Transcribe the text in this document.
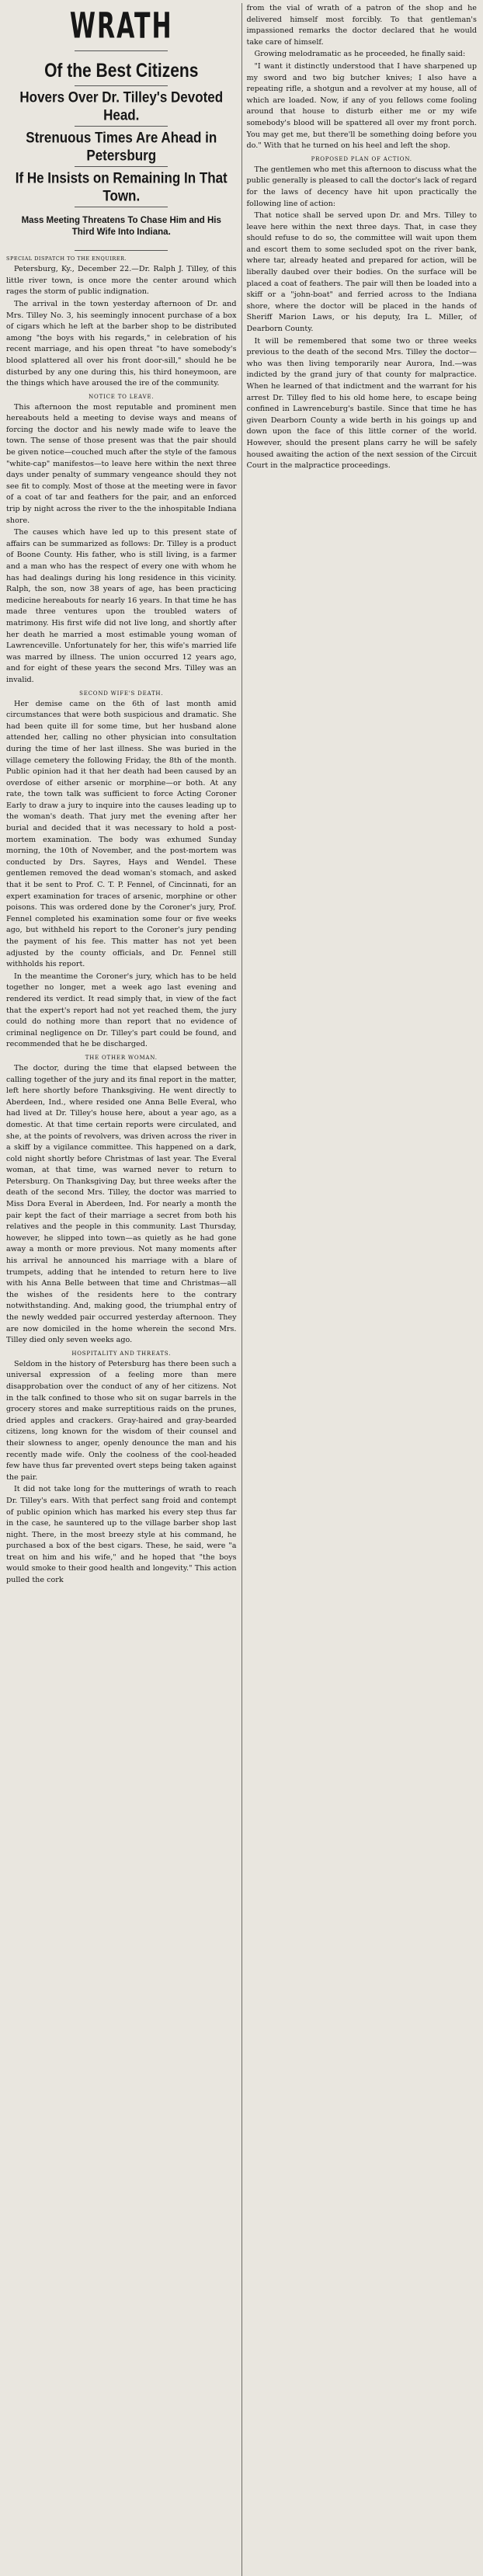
WRATH
Of the Best Citizens
Hovers Over Dr. Tilley's Devoted Head.
Strenuous Times Are Ahead in Petersburg
If He Insists on Remaining In That Town.
Mass Meeting Threatens To Chase Him and His Third Wife Into Indiana.
SPECIAL DISPATCH TO THE ENQUIRER.

Petersburg, Ky., December 22.—Dr. Ralph J. Tilley, of this little river town, is once more the center around which rages the storm of public indignation.

The arrival in the town yesterday afternoon of Dr. and Mrs. Tilley No. 3, his seemingly innocent purchase of a box of cigars which he left at the barber shop to be distributed among "the boys with his regards," in celebration of his recent marriage, and his open threat "to have somebody's blood splattered all over his front door-sill," should he be disturbed by any one during this, his third honeymoon, are the things which have aroused the ire of the community.

NOTICE TO LEAVE.

This afternoon the most reputable and prominent men hereabouts held a meeting to devise ways and means of forcing the doctor and his newly made wife to leave the town. The sense of those present was that the pair should be given notice—couched much after the style of the famous "white-cap" manifestos—to leave here within the next three days under penalty of summary vengeance should they not see fit to comply. Most of those at the meeting were in favor of a coat of tar and feathers for the pair, and an enforced trip by night across the river to the the inhospitable Indiana shore.

The causes which have led up to this present state of affairs can be summarized as follows: Dr. Tilley is a product of Boone County. His father, who is still living, is a farmer and a man who has the respect of every one with whom he has had dealings during his long residence in this vicinity. Ralph, the son, now 38 years of age, has been practicing medicine hereabouts for nearly 16 years. In that time he has made three ventures upon the troubled waters of matrimony. His first wife did not live long, and shortly after her death he married a most estimable young woman of Lawrenceville. Unfortunately for her, this wife's married life was marred by illness. The union occurred 12 years ago, and for eight of these years the second Mrs. Tilley was an invalid.

SECOND WIFE'S DEATH.

Her demise came on the 6th of last month amid circumstances that were both suspicious and dramatic. She had been quite ill for some time, but her husband alone attended her, calling no other physician into consultation during the time of her last illness. She was buried in the village cemetery the following Friday, the 8th of the month. Public opinion had it that her death had been caused by an overdose of either arsenic or morphine—or both. At any rate, the town talk was sufficient to force Acting Coroner Early to draw a jury to inquire into the causes leading up to the woman's death. That jury met the evening after her burial and decided that it was necessary to hold a post-mortem examination. The body was exhumed Sunday morning, the 10th of November, and the post-mortem was conducted by Drs. Sayres, Hays and Wendel. These gentlemen removed the dead woman's stomach, and asked that it be sent to Prof. C. T. P. Fennel, of Cincinnati, for an expert examination for traces of arsenic, morphine or other poisons. This was ordered done by the Coroner's jury, Prof. Fennel completed his examination some four or five weeks ago, but withheld his report to the Coroner's jury pending the payment of his fee. This matter has not yet been adjusted by the county officials, and Dr. Fennel still withholds his report.

In the meantime the Coroner's jury, which has to be held together no longer, met a week ago last evening and rendered its verdict. It read simply that, in view of the fact that the expert's report had not yet reached them, the jury could do nothing more than report that no evidence of criminal negligence on Dr. Tilley's part could be found, and recommended that he be discharged.

THE OTHER WOMAN.

The doctor, during the time that elapsed between the calling together of the jury and its final report in the matter, left here shortly before Thanksgiving. He went directly to Aberdeen, Ind., where resided one Anna Belle Everal, who had lived at Dr. Tilley's house here, about a year ago, as a domestic. At that time certain reports were circulated, and she, at the points of revolvers, was driven across the river in a skiff by a vigilance committee. This happened on a dark, cold night shortly before Christmas of last year. The Everal woman, at that time, was warned never to return to Petersburg. On Thanksgiving Day, but three weeks after the death of the second Mrs. Tilley, the doctor was married to Miss Dora Everal in Aberdeen, Ind. For nearly a month the pair kept the fact of their marriage a secret from both his relatives and the people in this community. Last Thursday, however, he slipped into town—as quietly as he had gone away a month or more previous. Not many moments after his arrival he announced his marriage with a blare of trumpets, adding that he intended to return here to live with his Anna Belle between that time and Christmas—all the wishes of the residents here to the contrary notwithstanding. And, making good, the triumphal entry of the newly wedded pair occurred yesterday afternoon. They are now domiciled in the home wherein the second Mrs. Tilley died only seven weeks ago.

HOSPITALITY AND THREATS.

Seldom in the history of Petersburg has there been such a universal expression of a feeling more than mere disapprobation over the conduct of any of her citizens. Not in the talk confined to those who sit on sugar barrels in the grocery stores and make surreptitious raids on the prunes, dried apples and crackers. Gray-haired and gray-bearded citizens, long known for the wisdom of their counsel and their slowness to anger, openly denounce the man and his recently made wife. Only the coolness of the cool-headed few have thus far prevented overt steps being taken against the pair.

It did not take long for the mutterings of wrath to reach Dr. Tilley's ears. With that perfect sang froid and contempt of public opinion which has marked his every step thus far in the case, he sauntered up to the village barber shop last night. There, in the most breezy style at his command, he purchased a box of the best cigars. These, he said, were "a treat on him and his wife," and he hoped that "the boys would smoke to their good health and longevity." This action pulled the cork

from the vial of wrath of a patron of the shop and he delivered himself most forcibly. To that gentleman's impassioned remarks the doctor declared that he would take care of himself.

Growing melodramatic as he proceeded, he finally said:

"I want it distinctly understood that I have sharpened up my sword and two big butcher knives; I also have a repeating rifle, a shotgun and a revolver at my house, all of which are loaded. Now, if any of you fellows come fooling around that house to disturb either me or my wife somebody's blood will be spattered all over my front porch. You may get me, but there'll be something doing before you do." With that he turned on his heel and left the shop.

PROPOSED PLAN OF ACTION.

The gentlemen who met this afternoon to discuss what the public generally is pleased to call the doctor's lack of regard for the laws of decency have hit upon practically the following line of action:

That notice shall be served upon Dr. and Mrs. Tilley to leave here within the next three days. That, in case they should refuse to do so, the committee will wait upon them and escort them to some secluded spot on the river bank, where tar, already heated and prepared for action, will be liberally daubed over their bodies. On the surface will be placed a coat of feathers. The pair will then be loaded into a skiff or a "john-boat" and ferried across to the Indiana shore, where the doctor will be placed in the hands of Sheriff Marion Laws, or his deputy, Ira L. Miller, of Dearborn County.

It will be remembered that some two or three weeks previous to the death of the second Mrs. Tilley the doctor—who was then living temporarily near Aurora, Ind.—was indicted by the grand jury of that county for malpractice. When he learned of that indictment and the warrant for his arrest Dr. Tilley fled to his old home here, to escape being confined in Lawrenceburg's bastile. Since that time he has given Dearborn County a wide berth in his goings up and down upon the face of this little corner of the world. However, should the present plans carry he will be safely housed awaiting the action of the next session of the Circuit Court in the malpractice proceedings.
